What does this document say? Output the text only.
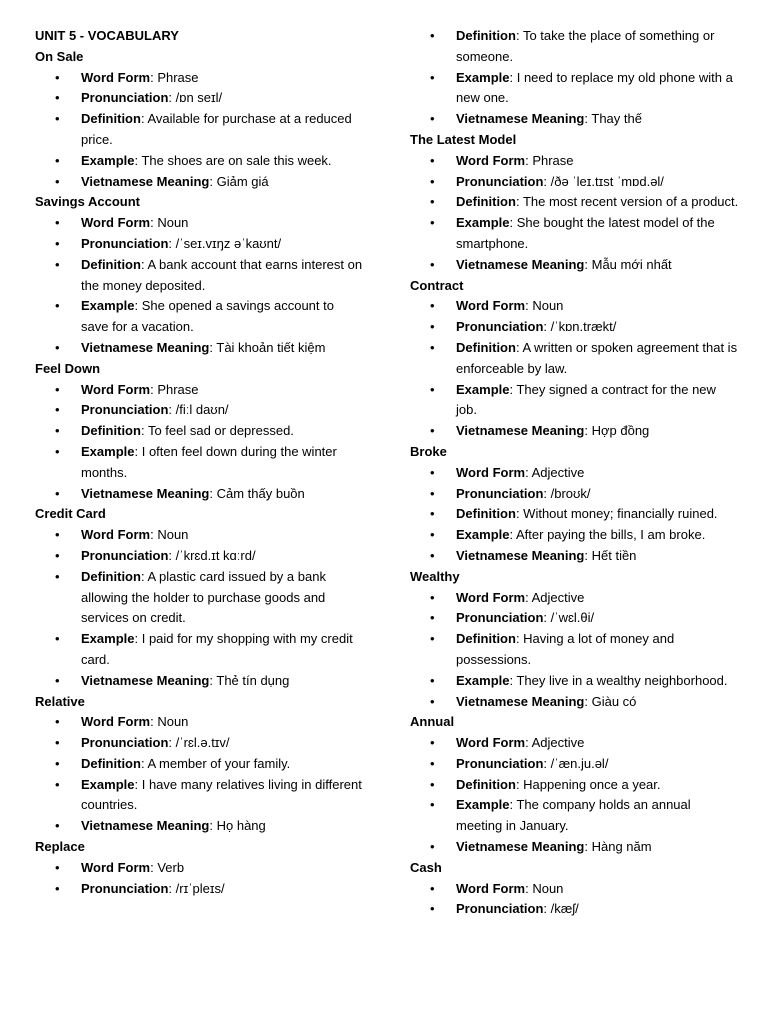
UNIT 5 - VOCABULARY
On Sale
• Word Form: Phrase
• Pronunciation: /ɒn seɪl/
• Definition: Available for purchase at a reduced price.
• Example: The shoes are on sale this week.
• Vietnamese Meaning: Giảm giá
Savings Account
• Word Form: Noun
• Pronunciation: /ˈseɪ.vɪŋz əˈkaʊnt/
• Definition: A bank account that earns interest on the money deposited.
• Example: She opened a savings account to save for a vacation.
• Vietnamese Meaning: Tài khoản tiết kiệm
Feel Down
• Word Form: Phrase
• Pronunciation: /fiːl daʊn/
• Definition: To feel sad or depressed.
• Example: I often feel down during the winter months.
• Vietnamese Meaning: Cảm thấy buồn
Credit Card
• Word Form: Noun
• Pronunciation: /ˈkrɛd.ɪt kɑːrd/
• Definition: A plastic card issued by a bank allowing the holder to purchase goods and services on credit.
• Example: I paid for my shopping with my credit card.
• Vietnamese Meaning: Thẻ tín dụng
Relative
• Word Form: Noun
• Pronunciation: /ˈrɛl.ə.tɪv/
• Definition: A member of your family.
• Example: I have many relatives living in different countries.
• Vietnamese Meaning: Họ hàng
Replace
• Word Form: Verb
• Pronunciation: /rɪˈpleɪs/
• Definition: To take the place of something or someone.
• Example: I need to replace my old phone with a new one.
• Vietnamese Meaning: Thay thế
The Latest Model
• Word Form: Phrase
• Pronunciation: /ðə ˈleɪ.tɪst ˈmɒd.əl/
• Definition: The most recent version of a product.
• Example: She bought the latest model of the smartphone.
• Vietnamese Meaning: Mẫu mới nhất
Contract
• Word Form: Noun
• Pronunciation: /ˈkɒn.trækt/
• Definition: A written or spoken agreement that is enforceable by law.
• Example: They signed a contract for the new job.
• Vietnamese Meaning: Hợp đồng
Broke
• Word Form: Adjective
• Pronunciation: /broʊk/
• Definition: Without money; financially ruined.
• Example: After paying the bills, I am broke.
• Vietnamese Meaning: Hết tiền
Wealthy
• Word Form: Adjective
• Pronunciation: /ˈwɛl.θi/
• Definition: Having a lot of money and possessions.
• Example: They live in a wealthy neighborhood.
• Vietnamese Meaning: Giàu có
Annual
• Word Form: Adjective
• Pronunciation: /ˈæn.ju.əl/
• Definition: Happening once a year.
• Example: The company holds an annual meeting in January.
• Vietnamese Meaning: Hàng năm
Cash
• Word Form: Noun
• Pronunciation: /kæʃ/
